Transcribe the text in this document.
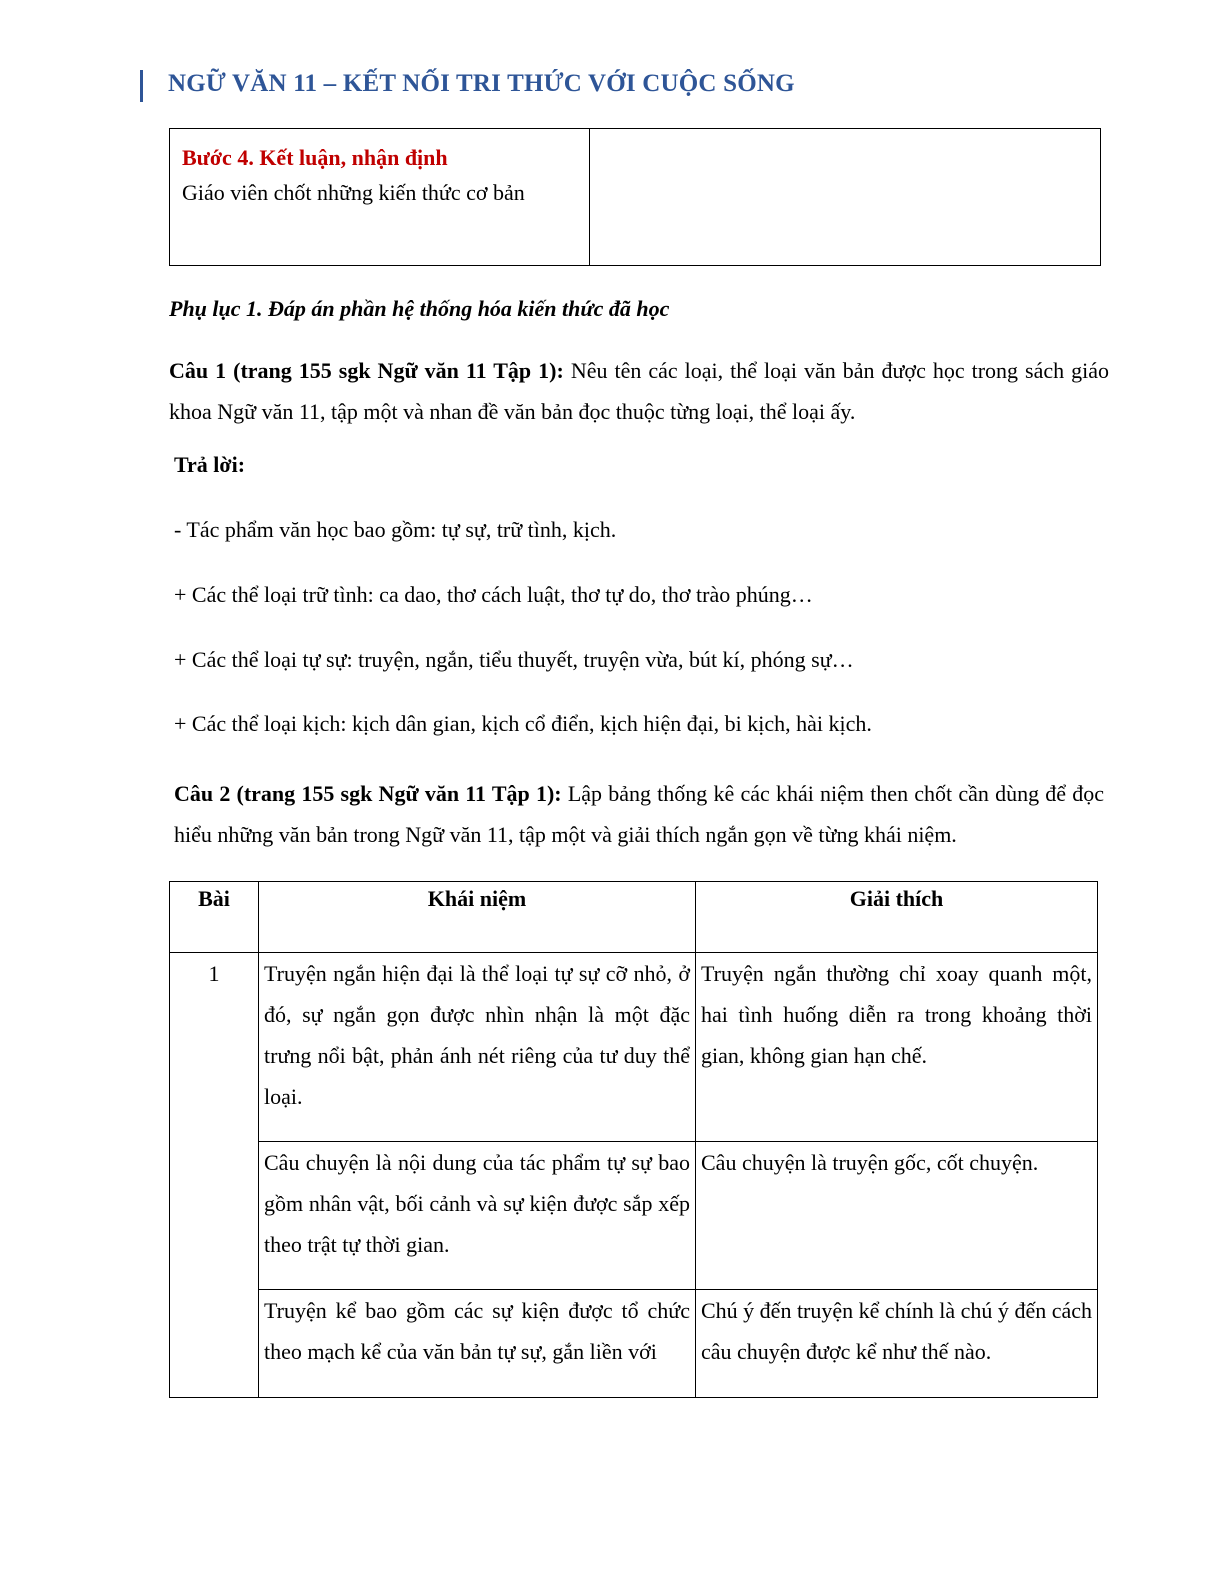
NGỮ VĂN 11 – KẾT NỐI TRI THỨC VỚI CUỘC SỐNG
Bước 4. Kết luận, nhận định
Giáo viên chốt những kiến thức cơ bản

Phụ lục 1. Đáp án phần hệ thống hóa kiến thức đã học
Câu 1 (trang 155 sgk Ngữ văn 11 Tập 1): Nêu tên các loại, thể loại văn bản được học trong sách giáo khoa Ngữ văn 11, tập một và nhan đề văn bản đọc thuộc từng loại, thể loại ấy.
Trả lời:
- Tác phẩm văn học bao gồm: tự sự, trữ tình, kịch.
+ Các thể loại trữ tình: ca dao, thơ cách luật, thơ tự do, thơ trào phúng…
+ Các thể loại tự sự: truyện, ngắn, tiểu thuyết, truyện vừa, bút kí, phóng sự…
+ Các thể loại kịch: kịch dân gian, kịch cổ điển, kịch hiện đại, bi kịch, hài kịch.
Câu 2 (trang 155 sgk Ngữ văn 11 Tập 1): Lập bảng thống kê các khái niệm then chốt cần dùng để đọc hiểu những văn bản trong Ngữ văn 11, tập một và giải thích ngắn gọn về từng khái niệm.
Bài	Khái niệm	Giải thích
1	Truyện ngắn hiện đại là thể loại tự sự cỡ nhỏ, ở đó, sự ngắn gọn được nhìn nhận là một đặc trưng nổi bật, phản ánh nét riêng của tư duy thể loại.	Truyện ngắn thường chỉ xoay quanh một, hai tình huống diễn ra trong khoảng thời gian, không gian hạn chế.
	Câu chuyện là nội dung của tác phẩm tự sự bao gồm nhân vật, bối cảnh và sự kiện được sắp xếp theo trật tự thời gian.	Câu chuyện là truyện gốc, cốt chuyện.
	Truyện kể bao gồm các sự kiện được tổ chức theo mạch kể của văn bản tự sự, gắn liền với	Chú ý đến truyện kể chính là chú ý đến cách câu chuyện được kể như thế nào.
